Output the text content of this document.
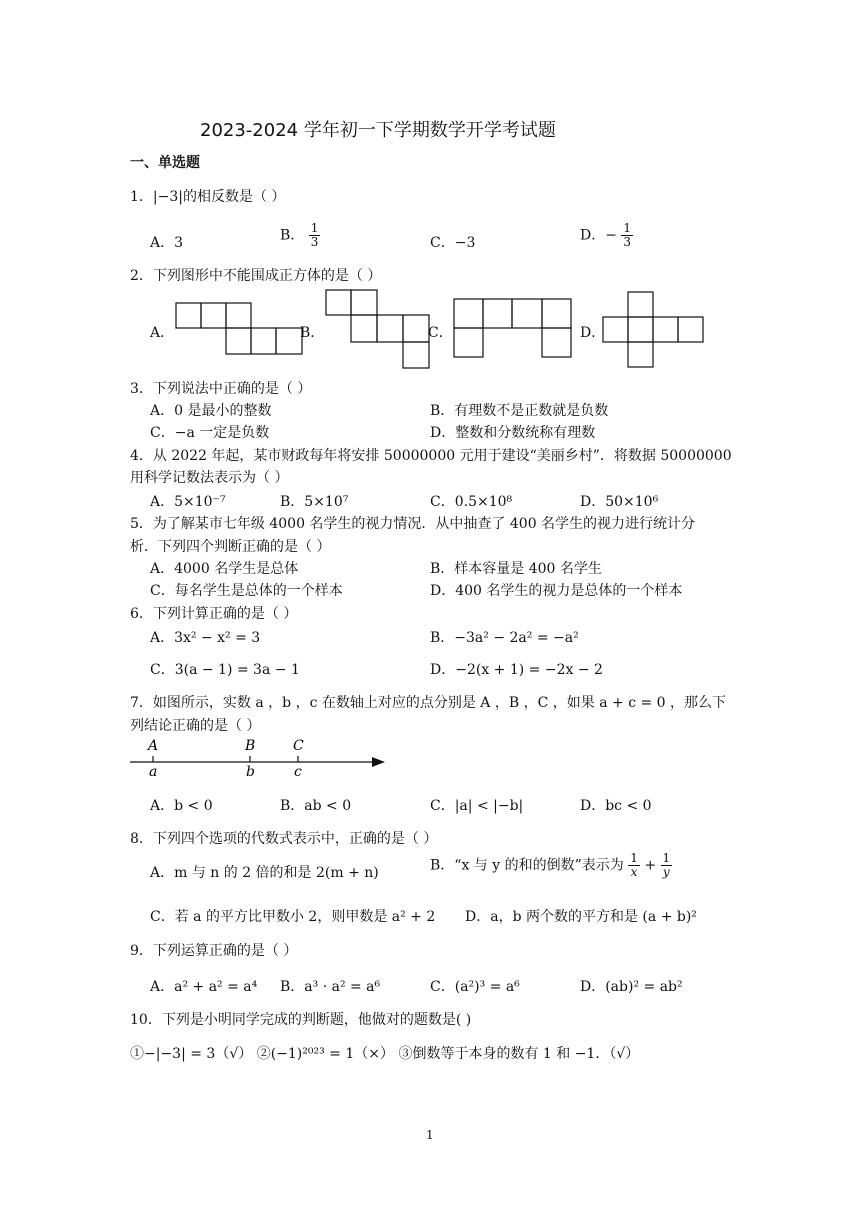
2023-2024 学年初一下学期数学开学考试题
一、单选题
1．|−3|的相反数是（ ）
A．3	B． $\frac{1}{3}$	C．−3	D．− $\frac{1}{3}$
2．下列图形中不能围成正方体的是（ ）
A．	B．	C．	D．
3．下列说法中正确的是（ ）
A．0 是最小的整数	B．有理数不是正数就是负数
C．−a 一定是负数	D．整数和分数统称有理数
4．从 2022 年起，某市财政每年将安排 50000000 元用于建设“美丽乡村”．将数据 50000000
用科学记数法表示为（ ）
A．5×10⁻⁷	B．5×10⁷	C．0.5×10⁸	D．50×10⁶
5．为了解某市七年级 4000 名学生的视力情况．从中抽查了 400 名学生的视力进行统计分
析．下列四个判断正确的是（ ）
A．4000 名学生是总体	B．样本容量是 400 名学生
C．每名学生是总体的一个样本	D．400 名学生的视力是总体的一个样本
6．下列计算正确的是（ ）
A．3x² − x² = 3	B．−3a² − 2a² = −a²
C．3(a − 1) = 3a − 1	D．−2(x + 1) = −2x − 2
7．如图所示，实数 a ，b ，c 在数轴上对应的点分别是 A ，B ，C ，如果 a + c = 0 ，那么下
列结论正确的是（ ）
A	B	C
a	b	c
A．b < 0	B．ab < 0	C．|a| < |−b|	D．bc < 0
8．下列四个选项的代数式表示中，正确的是（ ）
A．m 与 n 的 2 倍的和是 2(m + n)	B．“x 与 y 的和的倒数”表示为 $\frac{1}{x} + \frac{1}{y}$
C．若 a 的平方比甲数小 2，则甲数是 a² + 2 D．a，b 两个数的平方和是 (a + b)²
9．下列运算正确的是（ ）
A．a² + a² = a⁴ B．a³ · a² = a⁶	C．(a²)³ = a⁶	D．(ab)² = ab²
10．下列是小明同学完成的判断题，他做对的题数是( )
①−|−3| = 3（√） ②(−1)²⁰²³ = 1（×） ③倒数等于本身的数有 1 和 −1．（√）
1
